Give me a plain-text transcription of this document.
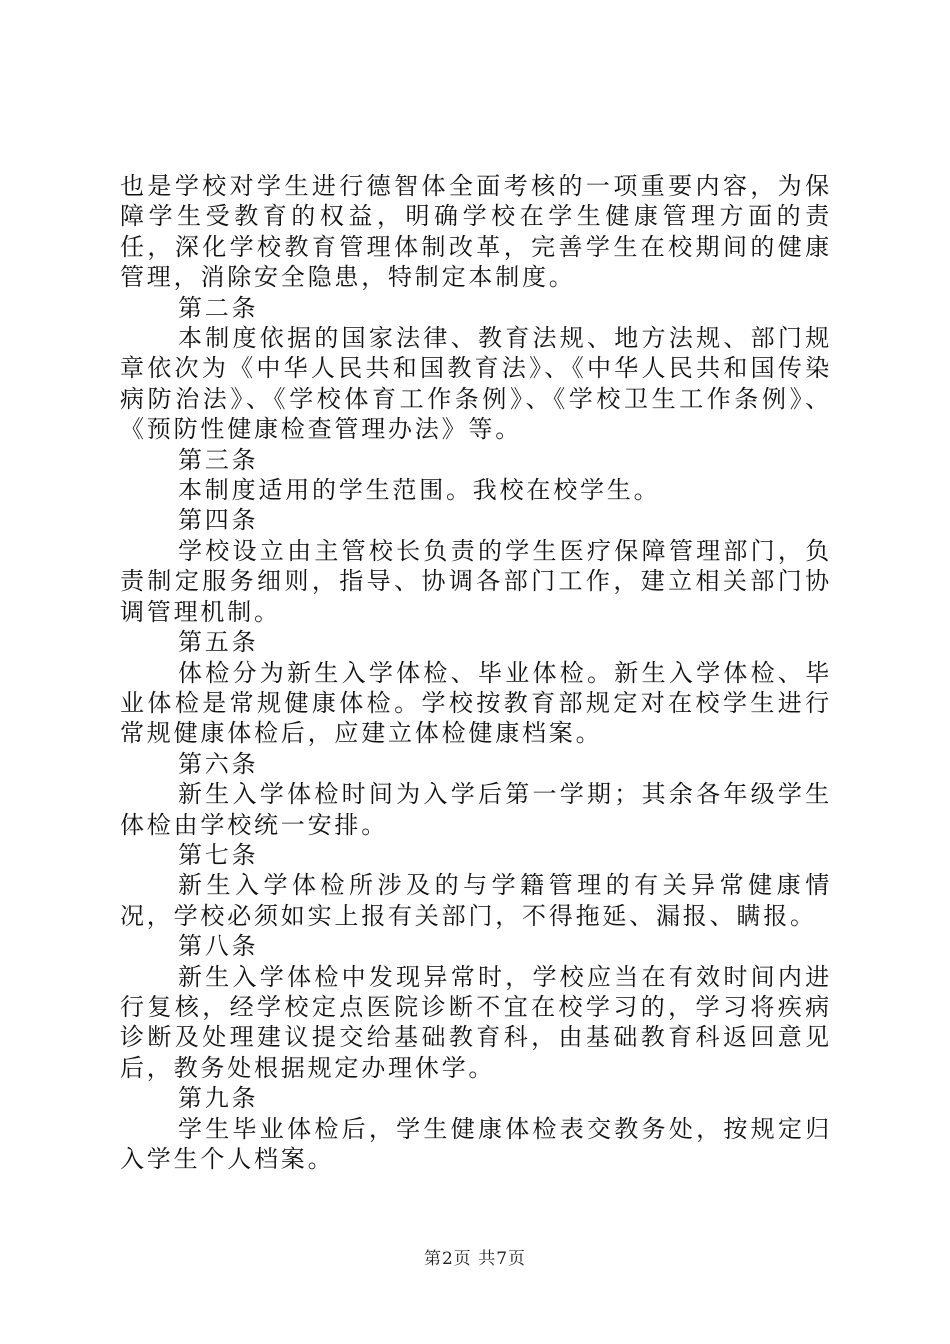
也是学校对学生进行德智体全面考核的一项重要内容，为保障学生受教育的权益，明确学校在学生健康管理方面的责任，深化学校教育管理体制改革，完善学生在校期间的健康管理，消除安全隐患，特制定本制度。

第二条

本制度依据的国家法律、教育法规、地方法规、部门规章依次为《中华人民共和国教育法》、《中华人民共和国传染病防治法》、《学校体育工作条例》、《学校卫生工作条例》、《预防性健康检查管理办法》等。

第三条

本制度适用的学生范围。我校在校学生。

第四条

学校设立由主管校长负责的学生医疗保障管理部门，负责制定服务细则，指导、协调各部门工作，建立相关部门协调管理机制。

第五条

体检分为新生入学体检、毕业体检。新生入学体检、毕业体检是常规健康体检。学校按教育部规定对在校学生进行常规健康体检后，应建立体检健康档案。

第六条

新生入学体检时间为入学后第一学期；其余各年级学生体检由学校统一安排。

第七条

新生入学体检所涉及的与学籍管理的有关异常健康情况，学校必须如实上报有关部门，不得拖延、漏报、瞒报。

第八条

新生入学体检中发现异常时，学校应当在有效时间内进行复核，经学校定点医院诊断不宜在校学习的，学习将疾病诊断及处理建议提交给基础教育科，由基础教育科返回意见后，教务处根据规定办理休学。

第九条

学生毕业体检后，学生健康体检表交教务处，按规定归入学生个人档案。

第2页 共7页
